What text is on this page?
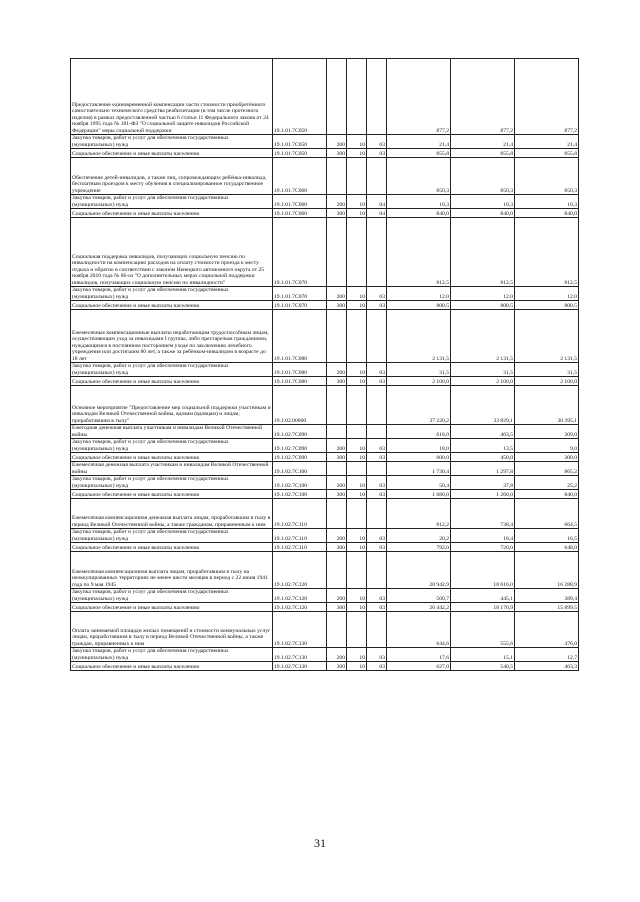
Предоставление единовременной компенсации части стоимости приобретённого самостоятельно технического средства реабилитации (в том числе протезного изделия) в рамках предоставленной частью 6 статьи 11 Федерального закона от 24 ноября 1995 года № 181-ФЗ "О социальной защите инвалидов Российской Федерации" меры социальной поддержки	19.1.01.7C050				877,2	877,2	877,2
Закупка товаров, работ и услуг для обеспечения государственных (муниципальных) нужд	19.1.01.7C050	200	10	03	21,4	21,4	21,4
Социальное обеспечение и иные выплаты населению	19.1.01.7C050	300	10	03	855,8	855,8	855,8
Обеспечение детей-инвалидов, а также лиц, сопровождающих ребёнка-инвалида, бесплатным проездом к месту обучения в специализированное государственное учреждение	19.1.01.7C060				850,3	850,3	850,3
Закупка товаров, работ и услуг для обеспечения государственных (муниципальных) нужд	19.1.01.7C060	200	10	04	10,3	10,3	10,3
Социальное обеспечение и иные выплаты населению	19.1.01.7C060	300	10	04	840,0	840,0	840,0
Социальная поддержка инвалидов, получающих социальную пенсию по инвалидности на компенсацию расходов на оплату стоимости проезда к месту отдыха и обратно в соответствии с законом Ненецкого автономного округа от 25 ноября 2010 года № 86-оз "О дополнительных мерах социальной поддержки инвалидов, получающих социальную пенсию по инвалидности"	19.1.01.7C070				812,5	812,5	812,5
Закупка товаров, работ и услуг для обеспечения государственных (муниципальных) нужд	19.1.01.7C070	200	10	03	12,0	12,0	12,0
Социальное обеспечение и иные выплаты населению	19.1.01.7C070	300	10	03	800,5	800,5	800,5
Ежемесячные компенсационные выплаты неработающим трудоспособным лицам, осуществляющим уход за инвалидами I группы, либо престарелым гражданином, нуждающимся в постоянном постороннем уходе по заключению лечебного учреждения или достигшим 80 лет, а также за ребёнком-инвалидом в возрасте до 18 лет	19.1.01.7C080				2 131,5	2 131,5	2 131,5
Закупка товаров, работ и услуг для обеспечения государственных (муниципальных) нужд	19.1.01.7C080	200	10	03	31,5	31,5	31,5
Социальное обеспечение и иные выплаты населению	19.1.01.7C080	300	10	03	2 100,0	2 100,0	2 100,0
Основное мероприятие "Предоставление мер социальной поддержки участникам и инвалидам Великой Отечественной войны, вдовам (вдовцам) и лицам, проработавшим в тылу"	19.1.02.00000				37 220,2	33 829,1	30 395,1
Ежегодная денежная выплата участникам и инвалидам Великой Отечественной войны	19.1.02.7C090				618,0	463,5	309,0
Закупка товаров, работ и услуг для обеспечения государственных (муниципальных) нужд	19.1.02.7C090	200	10	03	18,0	13,5	9,0
Социальное обеспечение и иные выплаты населению	19.1.02.7C090	300	10	03	600,0	450,0	300,0
Ежемесячная денежная выплата участникам и инвалидам Великой Отечественной войны	19.1.02.7C100				1 730,4	1 297,8	865,2
Закупка товаров, работ и услуг для обеспечения государственных (муниципальных) нужд	19.1.02.7C100	200	10	03	50,4	37,8	25,2
Социальное обеспечение и иные выплаты населению	19.1.02.7C100	300	10	03	1 680,0	1 260,0	840,0
Ежемесячная компенсационная денежная выплата лицам, проработавшим в тылу в период Великой Отечественной войны, а также гражданам, приравненным к ним	19.1.02.7C110				812,2	738,4	664,5
Закупка товаров, работ и услуг для обеспечения государственных (муниципальных) нужд	19.1.02.7C110	200	10	03	20,2	18,4	16,5
Социальное обеспечение и иные выплаты населению	19.1.02.7C110	300	10	03	792,0	720,0	648,0
Ежемесячная компенсационная выплата лицам, проработавшим в тылу на неоккупированных территориях не менее шести месяцев в период с 22 июня 1941 года по 9 мая 1945	19.1.02.7C120				20 942,9	18 616,0	16 288,9
Закупка товаров, работ и услуг для обеспечения государственных (муниципальных) нужд	19.1.02.7C120	200	10	03	500,7	445,1	389,4
Социальное обеспечение и иные выплаты населению	19.1.02.7C120	300	10	03	20 442,2	18 170,9	15 899,5
Оплата занимаемой площади жилых помещений и стоимости коммунальных услуг лицам, проработавшим в тылу в период Великой Отечественной войны, а также граждан, приравненных к ним	19.1.02.7C130				644,6	555,6	476,0
Закупка товаров, работ и услуг для обеспечения государственных (муниципальных) нужд	19.1.02.7C130	200	10	03	17,6	15,1	12,7
Социальное обеспечение и иные выплаты населению	19.1.02.7C130	300	10	03	627,0	540,5	463,3
31
